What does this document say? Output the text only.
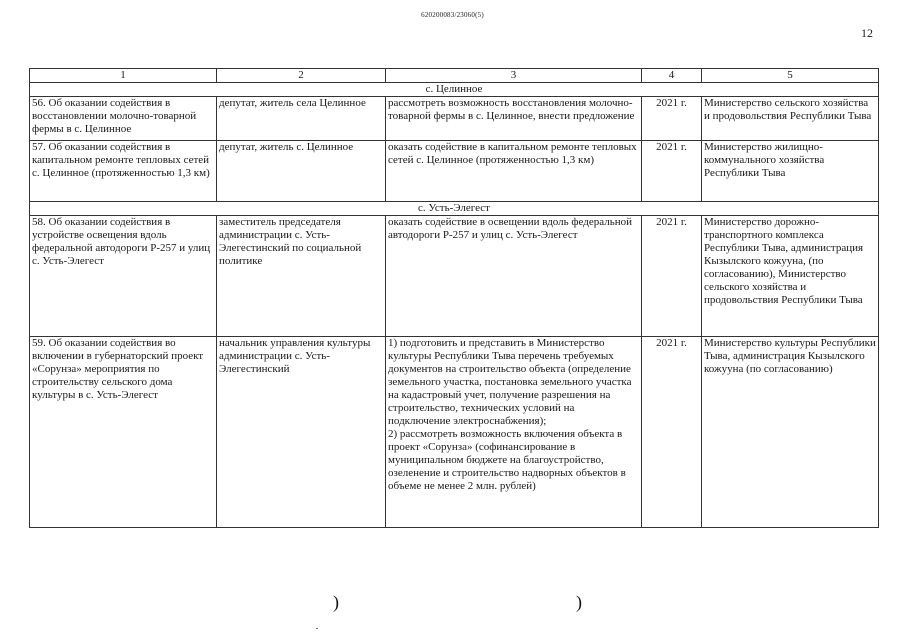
620200083/23060(5)
12
1	2	3	4	5
с. Целинное				
56. Об оказании содействия в восстановлении молочно-товарной фермы в с. Целинное	депутат, житель села Целинное	рассмотреть возможность восстановления молочно-товарной фермы в с. Целинное, внести предложение	2021 г.	Министерство сельского хозяйства и продовольствия Республики Тыва
57. Об оказании содействия в капитальном ремонте тепловых сетей с. Целинное (протяженностью 1,3 км)	депутат, житель с. Целинное	оказать содействие в капитальном ремонте тепловых сетей с. Целинное (протяженностью 1,3 км)	2021 г.	Министерство жилищно-коммунального хозяйства Республики Тыва
с. Усть-Элегест				
58. Об оказании содействия в устройстве освещения вдоль федеральной автодороги Р-257 и улиц с. Усть-Элегест	заместитель председателя администрации с. Усть-Элегестинский по социальной политике	оказать содействие в освещении вдоль федеральной автодороги Р-257 и улиц с. Усть-Элегест	2021 г.	Министерство дорожно-транспортного комплекса Республики Тыва, администрация Кызылского кожууна, (по согласованию), Министерство сельского хозяйства и продовольствия Республики Тыва
59. Об оказании содействия во включении в губернаторский проект «Сорунза» мероприятия по строительству сельского дома культуры в с. Усть-Элегест	начальник управления культуры администрации с. Усть-Элегестинский	1) подготовить и представить в Министерство культуры Республики Тыва перечень требуемых документов на строительство объекта (определение земельного участка, постановка земельного участка на кадастровый учет, получение разрешения на строительство, технических условий на подключение электроснабжения);
2) рассмотреть возможность включения объекта в проект «Сорунза» (софинансирование в муниципальном бюджете на благоустройство, озеленение и строительство надворных объектов в объеме не менее 2 млн. рублей)	2021 г.	Министерство культуры Республики Тыва, администрация Кызылского кожууна (по согласованию)
)	)
